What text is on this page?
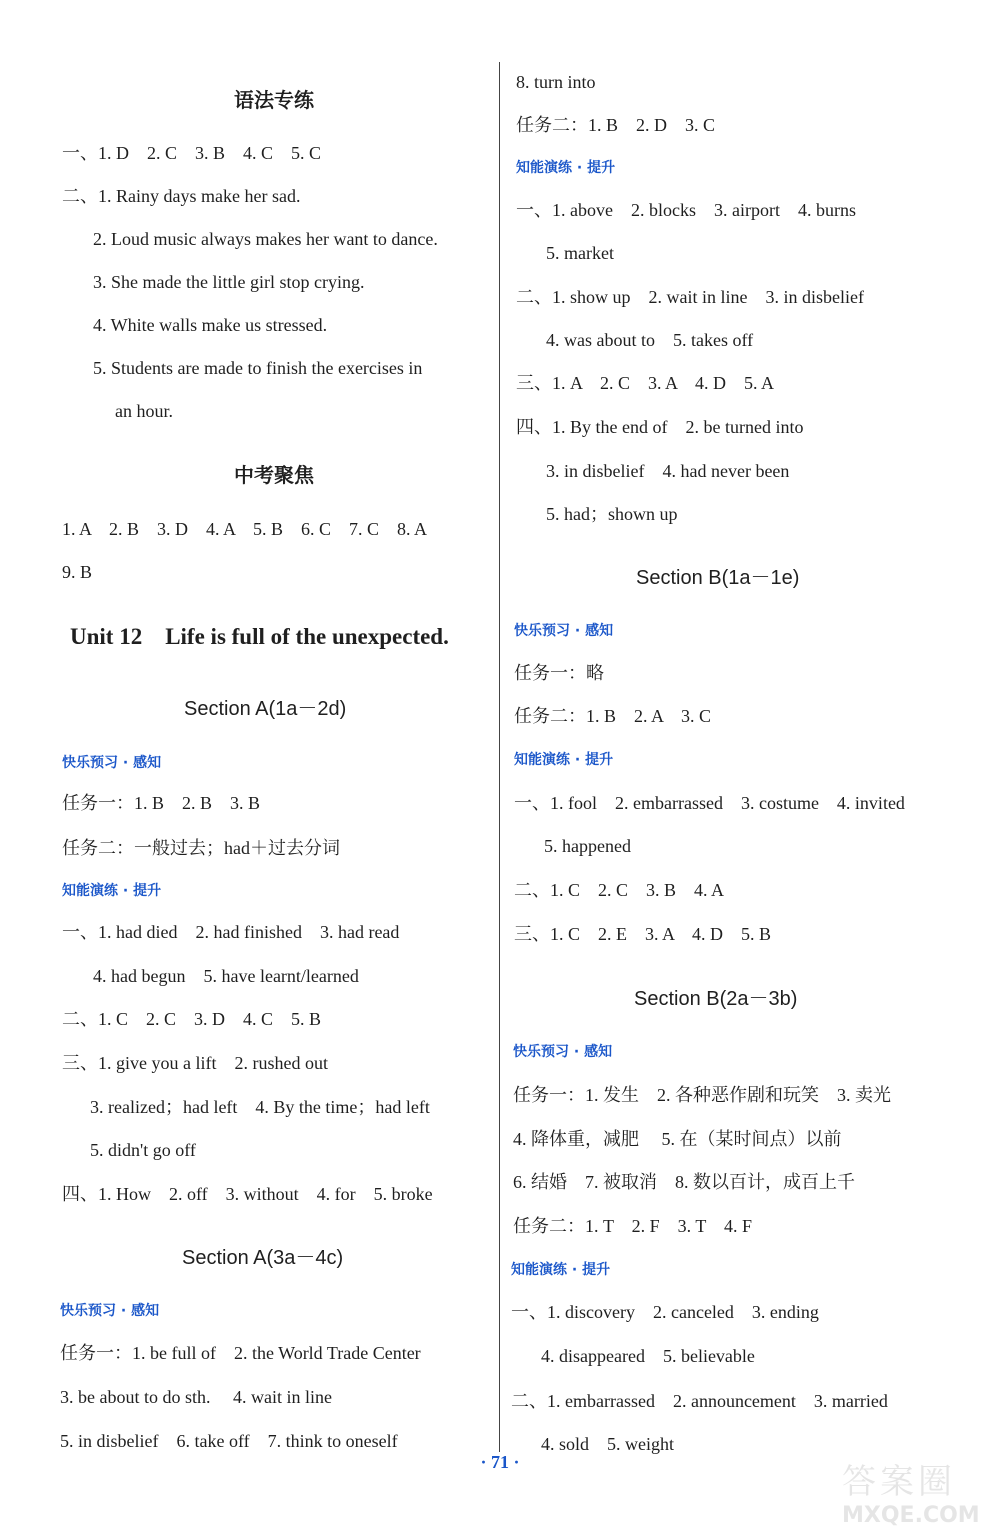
语法专练
一、1. D　2. C　3. B　4. C　5. C
二、1. Rainy days make her sad.
2. Loud music always makes her want to dance.
3. She made the little girl stop crying.
4. White walls make us stressed.
5. Students are made to finish the exercises in
an hour.
中考聚焦
1. A　2. B　3. D　4. A　5. B　6. C　7. C　8. A
9. B
Unit 12　Life is full of the unexpected.
Section A(1a－2d)
快乐预习 · 感知
任务一：1. B　2. B　3. B
任务二：一般过去；had＋过去分词
知能演练 · 提升
一、1. had died　2. had finished　3. had read
4. had begun　5. have learnt/learned
二、1. C　2. C　3. D　4. C　5. B
三、1. give you a lift　2. rushed out
3. realized；had left　4. By the time；had left
5. didn't go off
四、1. How　2. off　3. without　4. for　5. broke
Section A(3a－4c)
快乐预习 · 感知
任务一：1. be full of　2. the World Trade Center
3. be about to do sth.　 4. wait in line
5. in disbelief　6. take off　7. think to oneself
8. turn into
任务二：1. B　2. D　3. C
知能演练 · 提升
一、1. above　2. blocks　3. airport　4. burns
5. market
二、1. show up　2. wait in line　3. in disbelief
4. was about to　5. takes off
三、1. A　2. C　3. A　4. D　5. A
四、1. By the end of　2. be turned into
3. in disbelief　4. had never been
5. had；shown up
Section B(1a－1e)
快乐预习 · 感知
任务一：略
任务二：1. B　2. A　3. C
知能演练 · 提升
一、1. fool　2. embarrassed　3. costume　4. invited
5. happened
二、1. C　2. C　3. B　4. A
三、1. C　2. E　3. A　4. D　5. B
Section B(2a－3b)
快乐预习 · 感知
任务一：1. 发生　2. 各种恶作剧和玩笑　3. 卖光
4. 降体重，减肥　 5. 在（某时间点）以前
6. 结婚　7. 被取消　8. 数以百计，成百上千
任务二：1. T　2. F　3. T　4. F
知能演练 · 提升
一、1. discovery　2. canceled　3. ending
4. disappeared　5. believable
二、1. embarrassed　2. announcement　3. married
4. sold　5. weight
· 71 ·	答案圈
MXQE.COM
